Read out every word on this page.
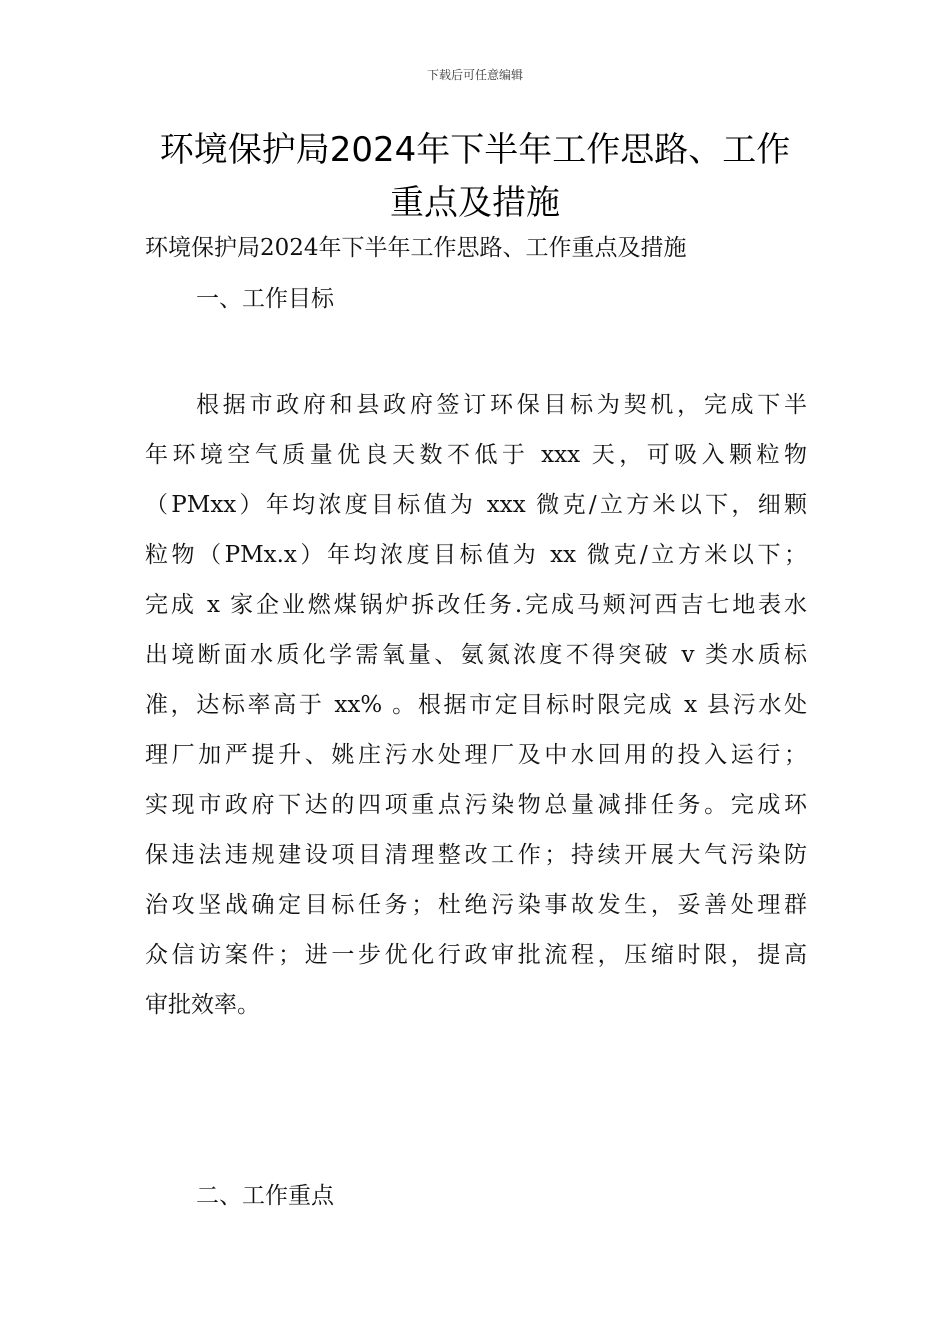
下载后可任意编辑
环境保护局2024年下半年工作思路、工作
重点及措施
环境保护局2024年下半年工作思路、工作重点及措施
一、工作目标
根据市政府和县政府签订环保目标为契机，完成下半
年环境空气质量优良天数不低于 xxx 天，可吸入颗粒物
（PMxx）年均浓度目标值为 xxx 微克/立方米以下，细颗
粒物（PMx.x）年均浓度目标值为 xx 微克/立方米以下；
完成 x 家企业燃煤锅炉拆改任务.完成马颊河西吉七地表水
出境断面水质化学需氧量、氨氮浓度不得突破 v 类水质标
准，达标率高于 xx% 。根据市定目标时限完成 x 县污水处
理厂加严提升、姚庄污水处理厂及中水回用的投入运行；
实现市政府下达的四项重点污染物总量减排任务。完成环
保违法违规建设项目清理整改工作；持续开展大气污染防
治攻坚战确定目标任务；杜绝污染事故发生，妥善处理群
众信访案件；进一步优化行政审批流程，压缩时限，提高
审批效率。
二、工作重点
